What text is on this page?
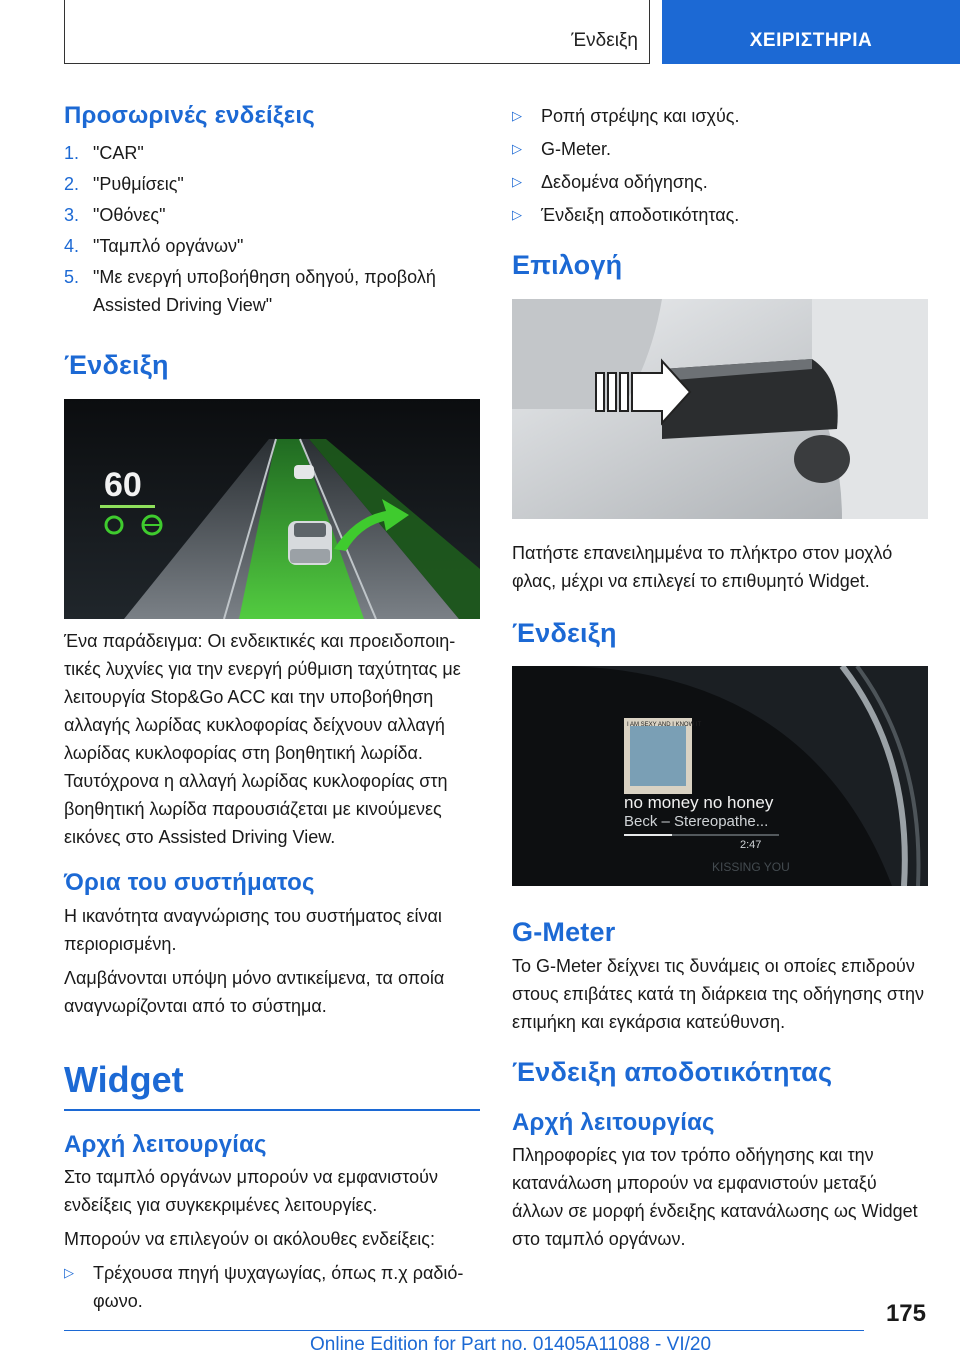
Ένδειξη	ΧΕΙΡΙΣΤΗΡΙΑ
Προσωρινές ενδείξεις
1. "CAR"
2. "Ρυθμίσεις"
3. "Οθόνες"
4. "Ταμπλό οργάνων"
5. "Με ενεργή υποβοήθηση οδηγού, προβολή Assisted Driving View"
Ένδειξη
60

Ένα παράδειγμα: Οι ενδεικτικές και προειδοποιητικές λυχνίες για την ενεργή ρύθμιση ταχύτητας με λειτουργία Stop&Go ACC και την υποβοήθηση αλλαγής λωρίδας κυκλοφορίας δείχνουν αλλαγή λωρίδας κυκλοφορίας στη βοηθητική λωρίδα. Ταυτόχρονα η αλλαγή λωρίδας κυκλοφορίας στη βοηθητική λωρίδα παρουσιάζεται με κινούμενες εικόνες στο Assisted Driving View.

Όρια του συστήματος

Η ικανότητα αναγνώρισης του συστήματος είναι περιορισμένη.

Λαμβάνονται υπόψη μόνο αντικείμενα, τα οποία αναγνωρίζονται από το σύστημα.

Widget
Αρχή λειτουργίας

Στο ταμπλό οργάνων μπορούν να εμφανιστούν ενδείξεις για συγκεκριμένες λειτουργίες.

Μπορούν να επιλεγούν οι ακόλουθες ενδείξεις:

▷	Τρέχουσα πηγή ψυχαγωγίας, όπως π.χ ραδιόφωνο.
▷	Ροπή στρέψης και ισχύς.
▷	G-Meter.
▷	Δεδομένα οδήγησης.
▷	Ένδειξη αποδοτικότητας.
Επιλογή

Πατήστε επανειλημμένα το πλήκτρο στον μοχλό φλας, μέχρι να επιλεγεί το επιθυμητό Widget.

Ένδειξη
I AM SEXY AND I KNOW IT
no money no honey
Beck – Stereopathe...
2:47
KISSING YOU
G-Meter

Το G-Meter δείχνει τις δυνάμεις οι οποίες επιδρούν στους επιβάτες κατά τη διάρκεια της οδήγησης στην επιμήκη και εγκάρσια κατεύθυνση.

Ένδειξη αποδοτικότητας
Αρχή λειτουργίας

Πληροφορίες για τον τρόπο οδήγησης και την κατανάλωση μπορούν να εμφανιστούν μεταξύ άλλων σε μορφή ένδειξης κατανάλωσης ως Widget στο ταμπλό οργάνων.

175
Online Edition for Part no. 01405A11088 - VI/20
